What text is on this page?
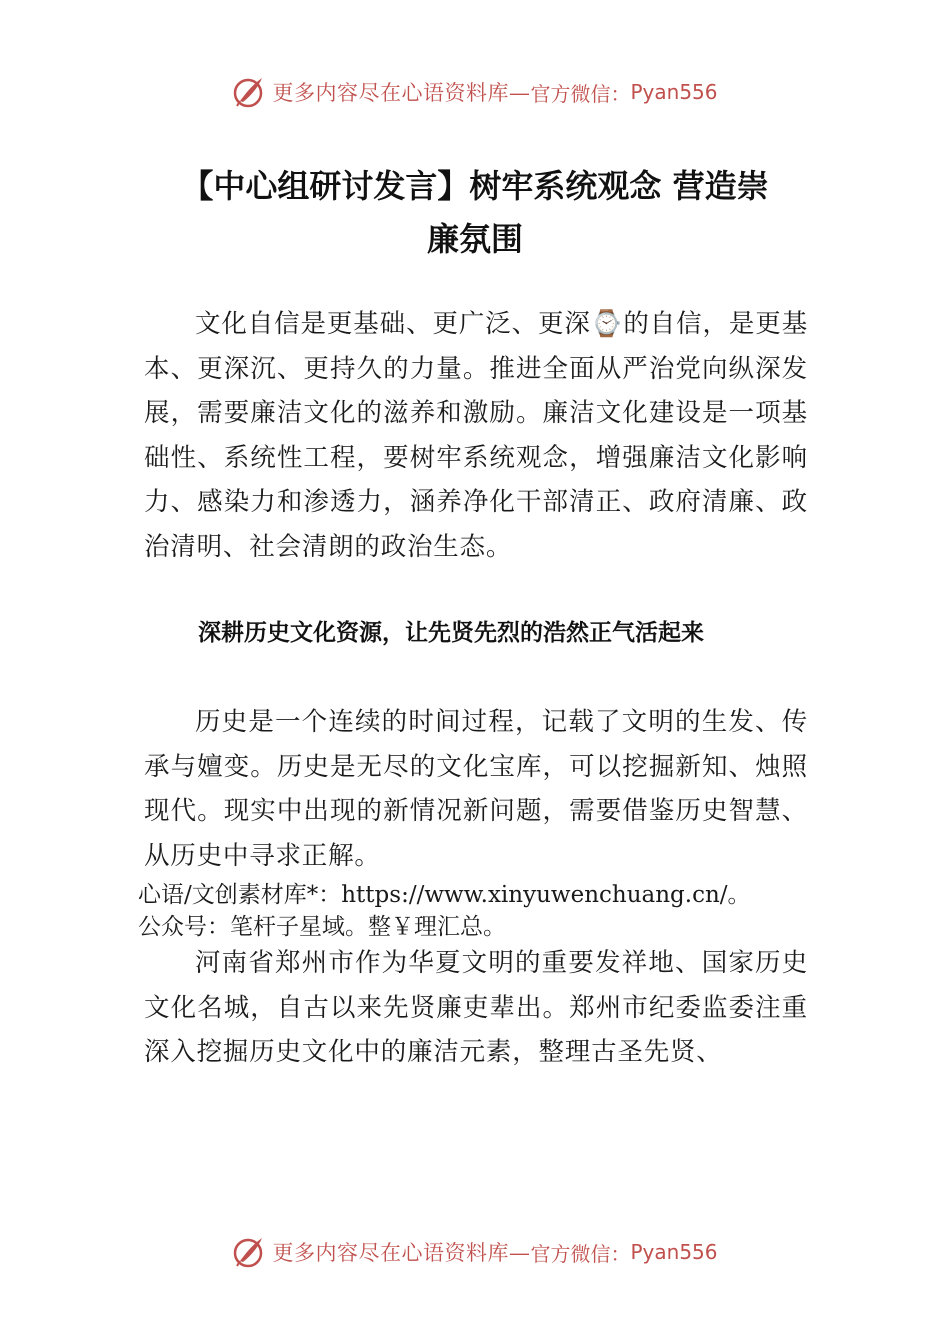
更多内容尽在心语资料库— 官方微信： Pyan556
【中心组研讨发言】树牢系统观念 营造崇
廉氛围

文化自信是更基础、更广泛、更深⌚的自信，是更基本、更深沉、更持久的力量。推进全面从严治党向纵深发展，需要廉洁文化的滋养和激励。廉洁文化建设是一项基础性、系统性工程，要树牢系统观念，增强廉洁文化影响力、感染力和渗透力，涵养净化干部清正、政府清廉、政治清明、社会清朗的政治生态。

深耕历史文化资源，让先贤先烈的浩然正气活起来

历史是一个连续的时间过程，记载了文明的生发、传承与嬗变。历史是无尽的文化宝库，可以挖掘新知、烛照现代。现实中出现的新情况新问题，需要借鉴历史智慧、从历史中寻求正解。

心语/文创素材库*：https://www.xinyuwenchuang.cn/。
公众号：笔杆子星域。整￥理汇总。

河南省郑州市作为华夏文明的重要发祥地、国家历史文化名城，自古以来先贤廉吏辈出。郑州市纪委监委注重深入挖掘历史文化中的廉洁元素，整理古圣先贤、

更多内容尽在心语资料库— 官方微信： Pyan556
